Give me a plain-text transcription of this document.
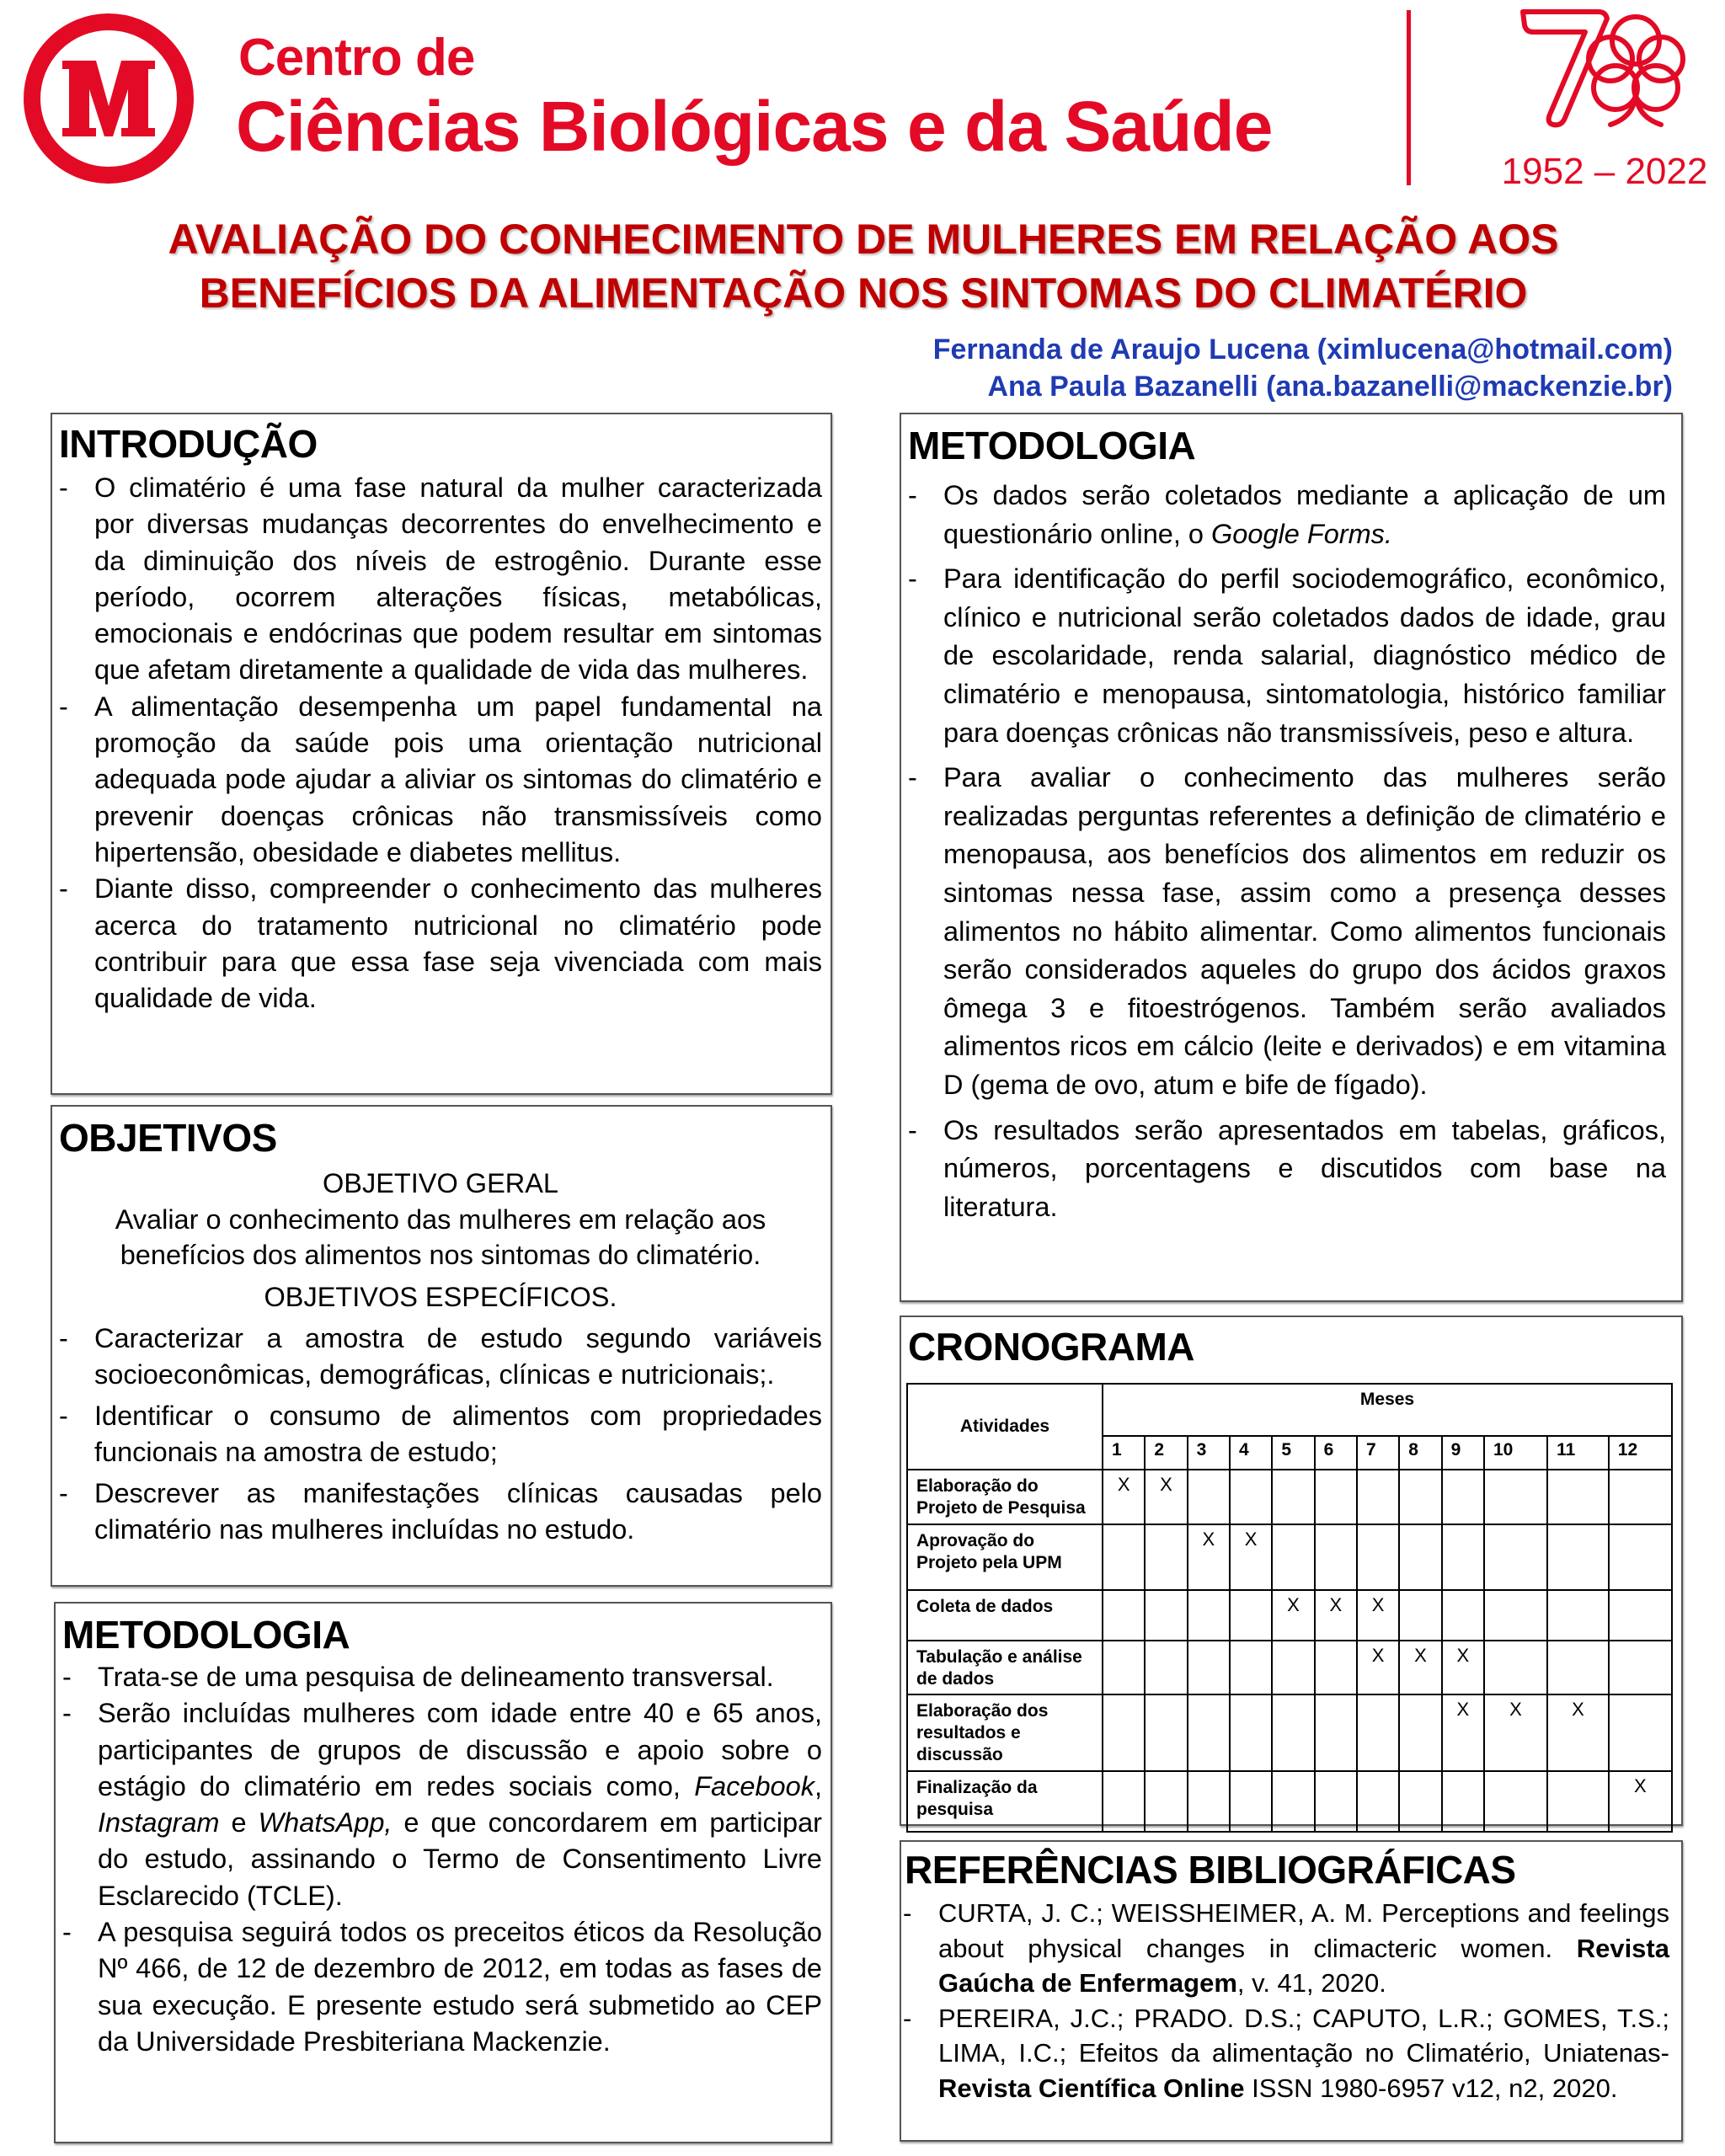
Centro de
Ciências Biológicas e da Saúde
1952 – 2022
AVALIAÇÃO DO CONHECIMENTO DE MULHERES EM RELAÇÃO AOS
BENEFÍCIOS DA ALIMENTAÇÃO NOS SINTOMAS DO CLIMATÉRIO
Fernanda de Araujo Lucena (ximlucena@hotmail.com)
Ana Paula Bazanelli (ana.bazanelli@mackenzie.br)
INTRODUÇÃO
- O climatério é uma fase natural da mulher caracterizada por diversas mudanças decorrentes do envelhecimento e da diminuição dos níveis de estrogênio. Durante esse período, ocorrem alterações físicas, metabólicas, emocionais e endócrinas que podem resultar em sintomas que afetam diretamente a qualidade de vida das mulheres.
- A alimentação desempenha um papel fundamental na promoção da saúde pois uma orientação nutricional adequada pode ajudar a aliviar os sintomas do climatério e prevenir doenças crônicas não transmissíveis como hipertensão, obesidade e diabetes mellitus.
- Diante disso, compreender o conhecimento das mulheres acerca do tratamento nutricional no climatério pode contribuir para que essa fase seja vivenciada com mais qualidade de vida.
OBJETIVOS
OBJETIVO GERAL
Avaliar o conhecimento das mulheres em relação aos benefícios dos alimentos nos sintomas do climatério.
OBJETIVOS ESPECÍFICOS.
- Caracterizar a amostra de estudo segundo variáveis socioeconômicas, demográficas, clínicas e nutricionais;.
- Identificar o consumo de alimentos com propriedades funcionais na amostra de estudo;
- Descrever as manifestações clínicas causadas pelo climatério nas mulheres incluídas no estudo.
METODOLOGIA
- Trata-se de uma pesquisa de delineamento transversal.
- Serão incluídas mulheres com idade entre 40 e 65 anos, participantes de grupos de discussão e apoio sobre o estágio do climatério em redes sociais como, Facebook, Instagram e WhatsApp, e que concordarem em participar do estudo, assinando o Termo de Consentimento Livre Esclarecido (TCLE).
- A pesquisa seguirá todos os preceitos éticos da Resolução Nº 466, de 12 de dezembro de 2012, em todas as fases de sua execução. E presente estudo será submetido ao CEP da Universidade Presbiteriana Mackenzie.
METODOLOGIA
- Os dados serão coletados mediante a aplicação de um questionário online, o Google Forms.
- Para identificação do perfil sociodemográfico, econômico, clínico e nutricional serão coletados dados de idade, grau de escolaridade, renda salarial, diagnóstico médico de climatério e menopausa, sintomatologia, histórico familiar para doenças crônicas não transmissíveis, peso e altura.
- Para avaliar o conhecimento das mulheres serão realizadas perguntas referentes a definição de climatério e menopausa, aos benefícios dos alimentos em reduzir os sintomas nessa fase, assim como a presença desses alimentos no hábito alimentar. Como alimentos funcionais serão considerados aqueles do grupo dos ácidos graxos ômega 3 e fitoestrógenos. Também serão avaliados alimentos ricos em cálcio (leite e derivados) e em vitamina D (gema de ovo, atum e bife de fígado).
- Os resultados serão apresentados em tabelas, gráficos, números, porcentagens e discutidos com base na literatura.
CRONOGRAMA
Atividades	Meses											
	1	2	3	4	5	6	7	8	9	10	11	12
Elaboração do Projeto de Pesquisa	X	X										
Aprovação do Projeto pela UPM			X	X								
Coleta de dados					X	X	X					
Tabulação e análise de dados							X	X	X			
Elaboração dos resultados e discussão									X	X	X	
Finalização da pesquisa												X
REFERÊNCIAS BIBLIOGRÁFICAS
- CURTA, J. C.; WEISSHEIMER, A. M. Perceptions and feelings about physical changes in climacteric women. Revista Gaúcha de Enfermagem, v. 41, 2020.
- PEREIRA, J.C.; PRADO. D.S.; CAPUTO, L.R.; GOMES, T.S.; LIMA, I.C.; Efeitos da alimentação no Climatério, Uniatenas- Revista Científica Online ISSN 1980-6957 v12, n2, 2020.
